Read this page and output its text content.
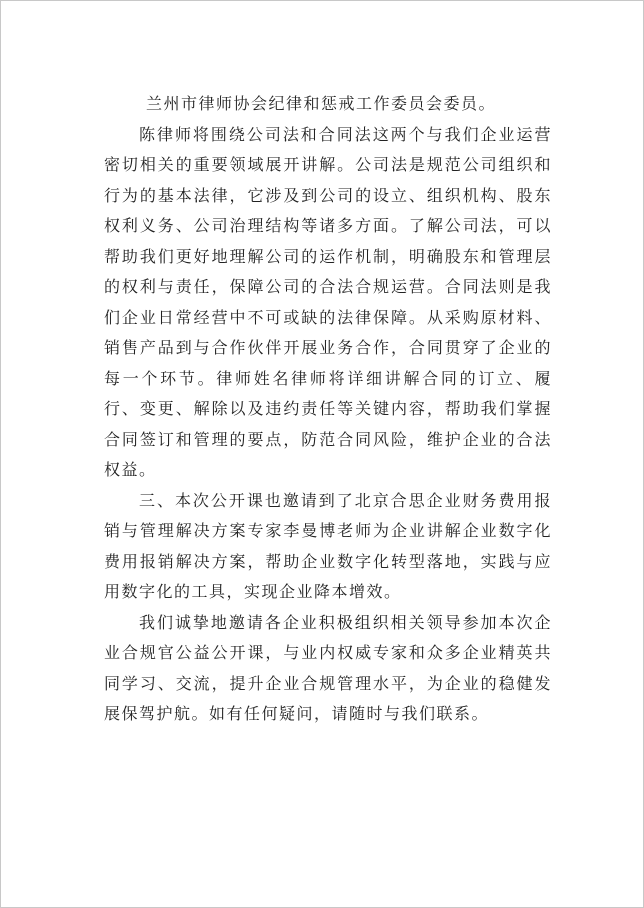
兰州市律师协会纪律和惩戒工作委员会委员。

陈律师将围绕公司法和合同法这两个与我们企业运营密切相关的重要领域展开讲解。公司法是规范公司组织和行为的基本法律，它涉及到公司的设立、组织机构、股东权利义务、公司治理结构等诸多方面。了解公司法，可以帮助我们更好地理解公司的运作机制，明确股东和管理层的权利与责任，保障公司的合法合规运营。合同法则是我们企业日常经营中不可或缺的法律保障。从采购原材料、销售产品到与合作伙伴开展业务合作，合同贯穿了企业的每一个环节。律师姓名律师将详细讲解合同的订立、履行、变更、解除以及违约责任等关键内容，帮助我们掌握合同签订和管理的要点，防范合同风险，维护企业的合法权益。

三、本次公开课也邀请到了北京合思企业财务费用报销与管理解决方案专家李曼博老师为企业讲解企业数字化费用报销解决方案，帮助企业数字化转型落地，实践与应用数字化的工具，实现企业降本增效。

我们诚挚地邀请各企业积极组织相关领导参加本次企业合规官公益公开课，与业内权威专家和众多企业精英共同学习、交流，提升企业合规管理水平，为企业的稳健发展保驾护航。如有任何疑问，请随时与我们联系。
